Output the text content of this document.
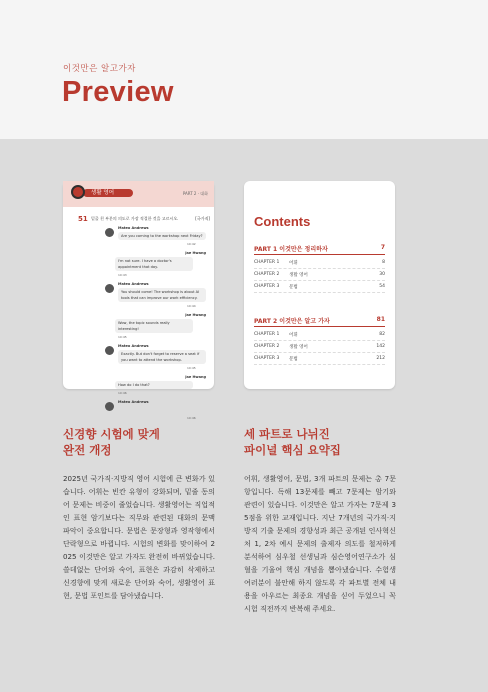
이것만은 알고가자
Preview
생활 영어	PART 2 · 대화
51 밑줄 친 부분의 의도로 가장 적절한 것을 고르시오.	[국가직]
Mateo Andrews
Are you coming to the workshop next Friday?
10:42
Jae Hwang
I'm not sure. I have a doctor's appointment that day.
10:43
Mateo Andrews
You should come! The workshop is about AI tools that can improve our work efficiency.
10:44
Jae Hwang
Wow, the topic sounds really interesting!
10:45
Mateo Andrews
Exactly. But don't forget to reserve a seat if you want to attend the workshop.
10:45
Jae Hwang
How do I do that?
10:46
Mateo Andrews
10:46
Contents
PART 1 이것만은 정리하자	7
CHAPTER 1 어휘	8
CHAPTER 2 생활 영어	30
CHAPTER 3 문법	54
PART 2 이것만은 알고 가자	81
CHAPTER 1 어휘	82
CHAPTER 2 생활 영어	142
CHAPTER 3 문법	212
신경향 시험에 맞게
완전 개정
2025년 국가직·지방직 영어 시험에 큰 변화가 있습니다. 어휘는 빈칸 유형이 강화되며, 밑줄 동의어 문제는 비중이 줄었습니다. 생활영어는 직업적인 표현 암기보다는 직무와 관련된 대화의 문맥 파악이 중요합니다. 문법은 문장형과 영작형에서 단락형으로 바뀝니다. 시험의 변화를 맞이하여 2025 이것만은 알고 가자도 완전히 바뀌었습니다. 쓸데없는 단어와 숙어, 표현은 과감히 삭제하고 신경향에 맞게 새로운 단어와 숙어, 생활영어 표현, 문법 포인트를 담아냈습니다.
세 파트로 나뉘진
파이널 핵심 요약집
어휘, 생활영어, 문법, 3개 파트의 문제는 총 7문항입니다. 독해 13문제를 빼고 7문제는 암기와 관련이 있습니다. 이것만은 알고 가자는 7문제 35점을 위한 교재입니다. 지난 7개년의 국가직·지방직 기출 문제의 경향성과 최근 공개된 인사혁신처 1, 2차 예시 문제의 출제자 의도를 철저하게 분석하여 심우철 선생님과 심슨영어연구소가 심혈을 기울여 핵심 개념을 뽑아냈습니다. 수험생 여러분이 불안해 하지 않도록 각 파트별 전체 내용을 아우르는 최종요 개념을 싣어 두었으니 꼭 시험 직전까지 반복해 주세요.
